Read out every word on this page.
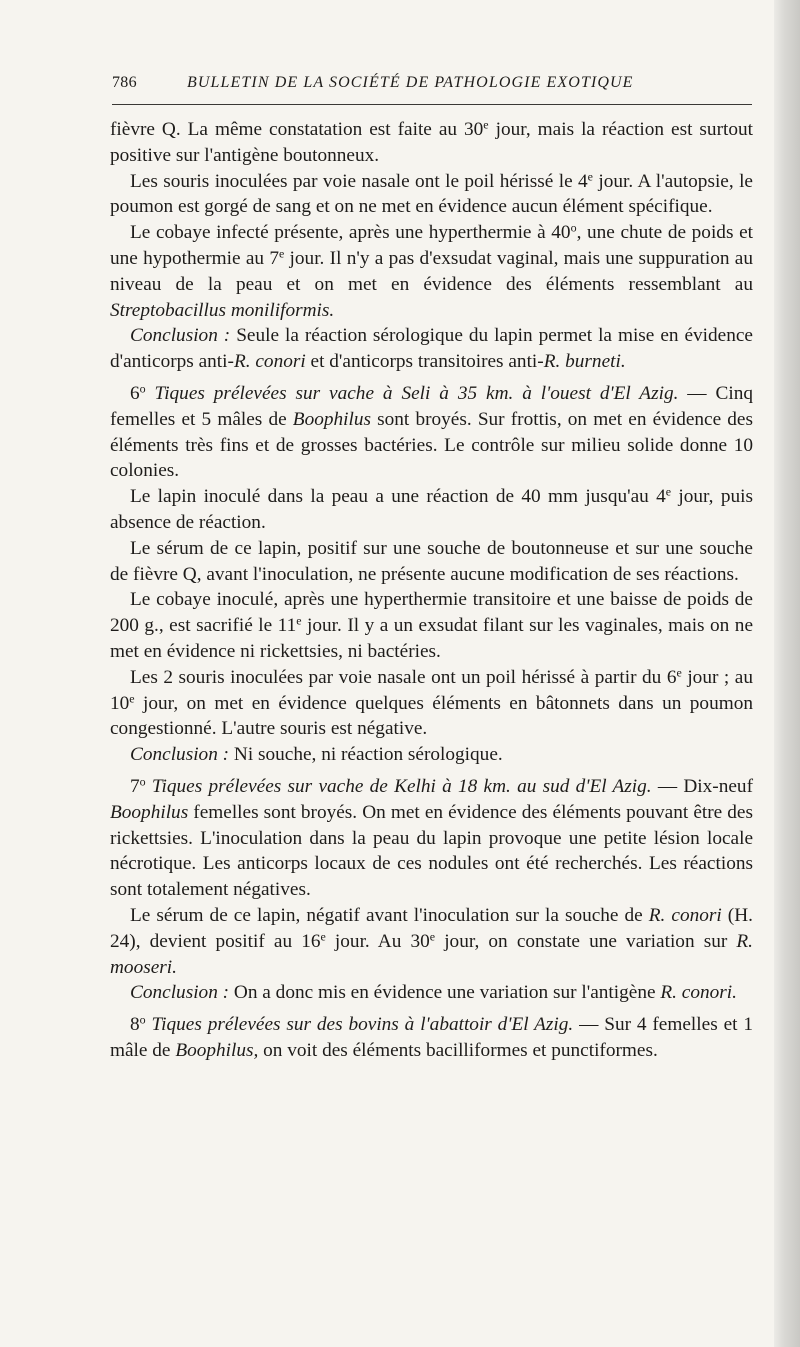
786	BULLETIN DE LA SOCIÉTÉ DE PATHOLOGIE EXOTIQUE

fièvre Q. La même constatation est faite au 30e jour, mais la réaction est surtout positive sur l'antigène boutonneux.

Les souris inoculées par voie nasale ont le poil hérissé le 4e jour. A l'autopsie, le poumon est gorgé de sang et on ne met en évidence aucun élément spécifique.

Le cobaye infecté présente, après une hyperthermie à 40$^o$, une chute de poids et une hypothermie au 7e jour. Il n'y a pas d'exsudat vaginal, mais une suppuration au niveau de la peau et on met en évidence des éléments ressemblant au Streptobacillus moniliformis.

Conclusion : Seule la réaction sérologique du lapin permet la mise en évidence d'anticorps anti-R. conori et d'anticorps transitoires anti-R. burneti.

6$^o$ Tiques prélevées sur vache à Seli à 35 km. à l'ouest d'El Azig. — Cinq femelles et 5 mâles de Boophilus sont broyés. Sur frottis, on met en évidence des éléments très fins et de grosses bactéries. Le contrôle sur milieu solide donne 10 colonies.

Le lapin inoculé dans la peau a une réaction de 40 mm jusqu'au 4e jour, puis absence de réaction.

Le sérum de ce lapin, positif sur une souche de boutonneuse et sur une souche de fièvre Q, avant l'inoculation, ne présente aucune modification de ses réactions.

Le cobaye inoculé, après une hyperthermie transitoire et une baisse de poids de 200 g., est sacrifié le 11e jour. Il y a un exsudat filant sur les vaginales, mais on ne met en évidence ni rickettsies, ni bactéries.

Les 2 souris inoculées par voie nasale ont un poil hérissé à partir du 6e jour ; au 10e jour, on met en évidence quelques éléments en bâtonnets dans un poumon congestionné. L'autre souris est négative.

Conclusion : Ni souche, ni réaction sérologique.

7$^o$ Tiques prélevées sur vache de Kelhi à 18 km. au sud d'El Azig. — Dix-neuf Boophilus femelles sont broyés. On met en évidence des éléments pouvant être des rickettsies. L'inoculation dans la peau du lapin provoque une petite lésion locale nécrotique. Les anticorps locaux de ces nodules ont été recherchés. Les réactions sont totalement négatives.

Le sérum de ce lapin, négatif avant l'inoculation sur la souche de R. conori (H. 24), devient positif au 16e jour. Au 30e jour, on constate une variation sur R. mooseri.

Conclusion : On a donc mis en évidence une variation sur l'antigène R. conori.

8$^o$ Tiques prélevées sur des bovins à l'abattoir d'El Azig. — Sur 4 femelles et 1 mâle de Boophilus, on voit des éléments bacilliformes et punctiformes.
